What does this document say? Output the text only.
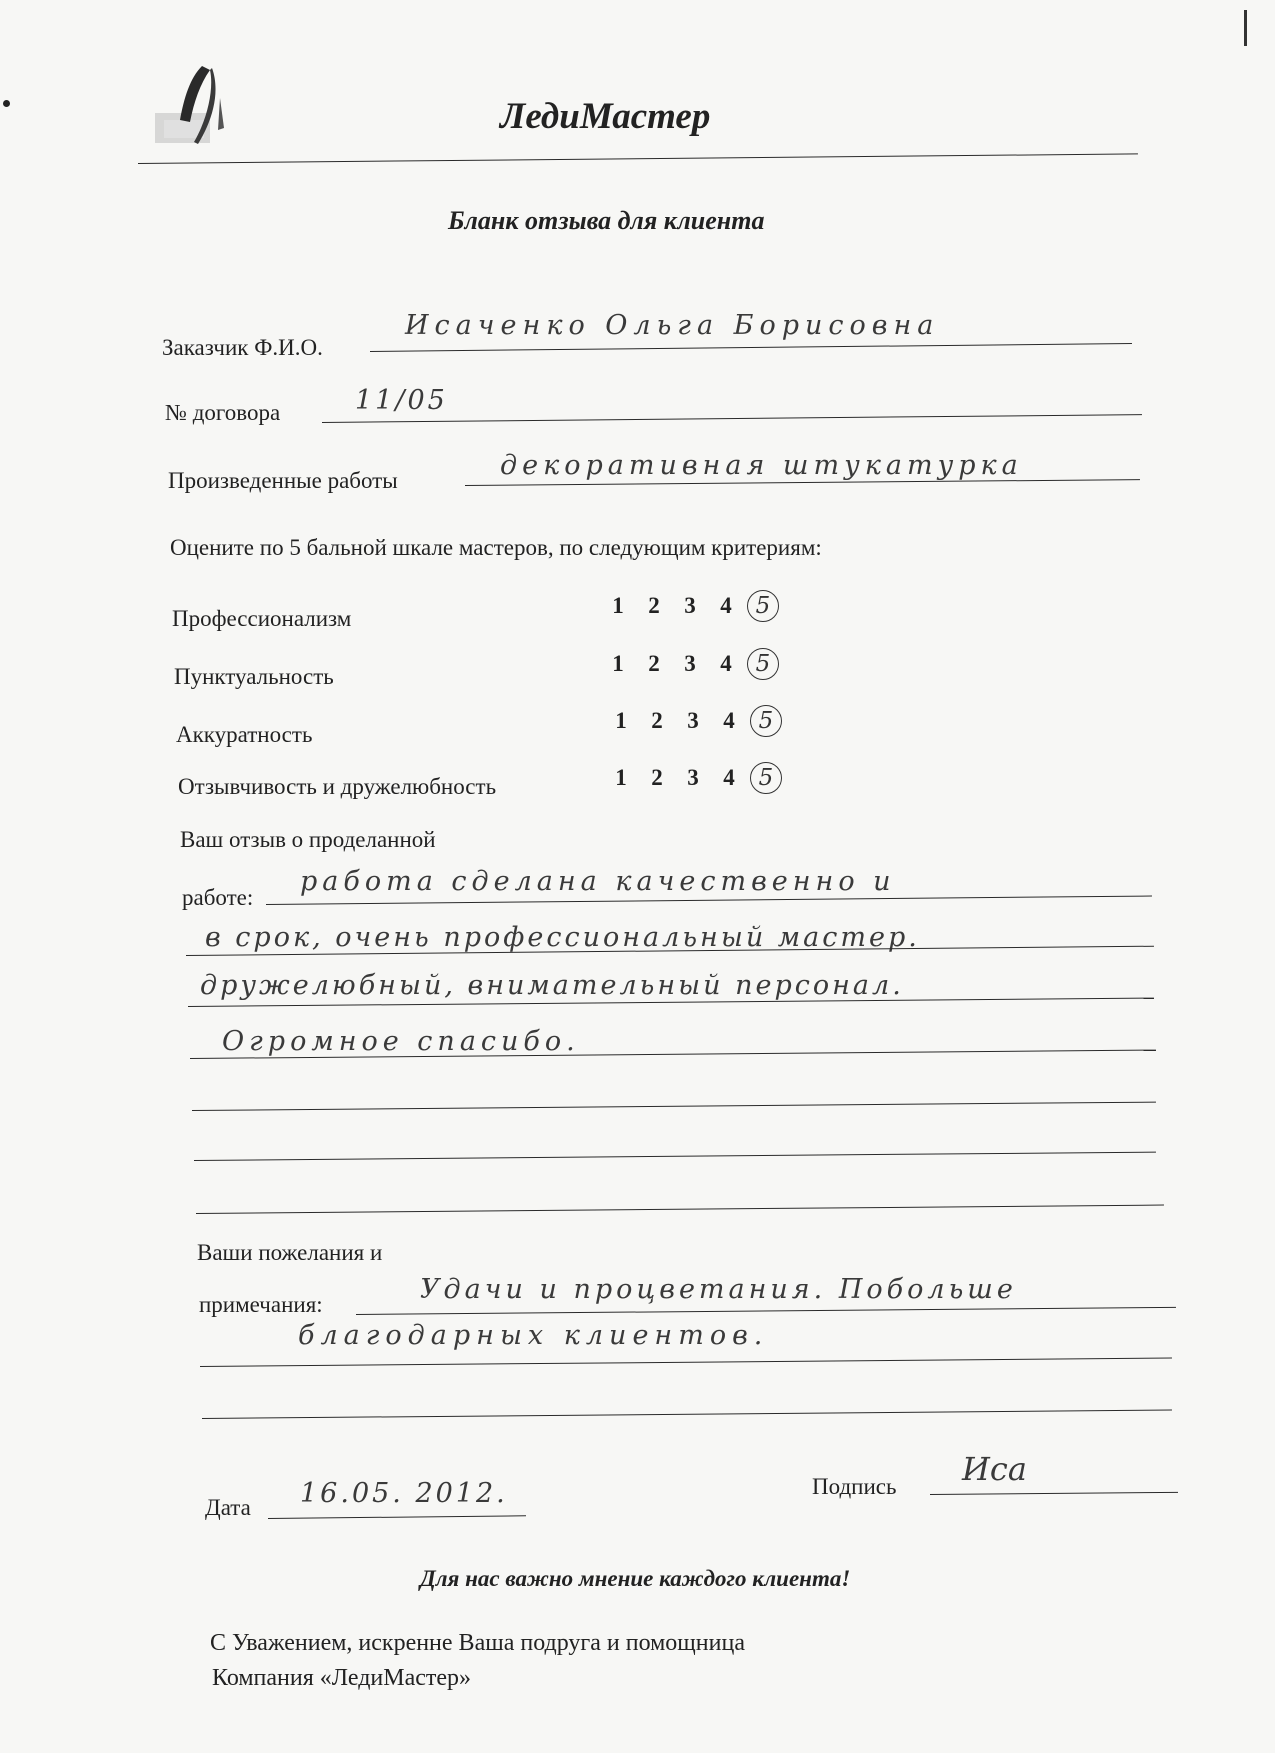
ЛедиМастер
Бланк отзыва для клиента
Заказчик Ф.И.О.
Исаченко Ольга Борисовна
№ договора	11/05
Произведенные работы	декоративная штукатурка
Оцените по 5 бальной шкале мастеров, по следующим критериям:
Профессионализм
1 2 3 4 5
Пунктуальность
1 2 3 4 5
Аккуратность
1 2 3 4 5
Отзывчивость и дружелюбность	1 2 3 4 5
Ваш отзыв о проделанной
работе:
работа сделана качественно и
в срок, очень профессиональный мастер.
дружелюбный, внимательный персонал.
Огромное спасибо.
Ваши пожелания и
примечания:	Удачи и процветания. Побольше
благодарных клиентов.
Дата 16.05. 2012.	Подпись Иса
Для нас важно мнение каждого клиента!
С Уважением, искренне Ваша подруга и помощница
Компания «ЛедиМастер»
